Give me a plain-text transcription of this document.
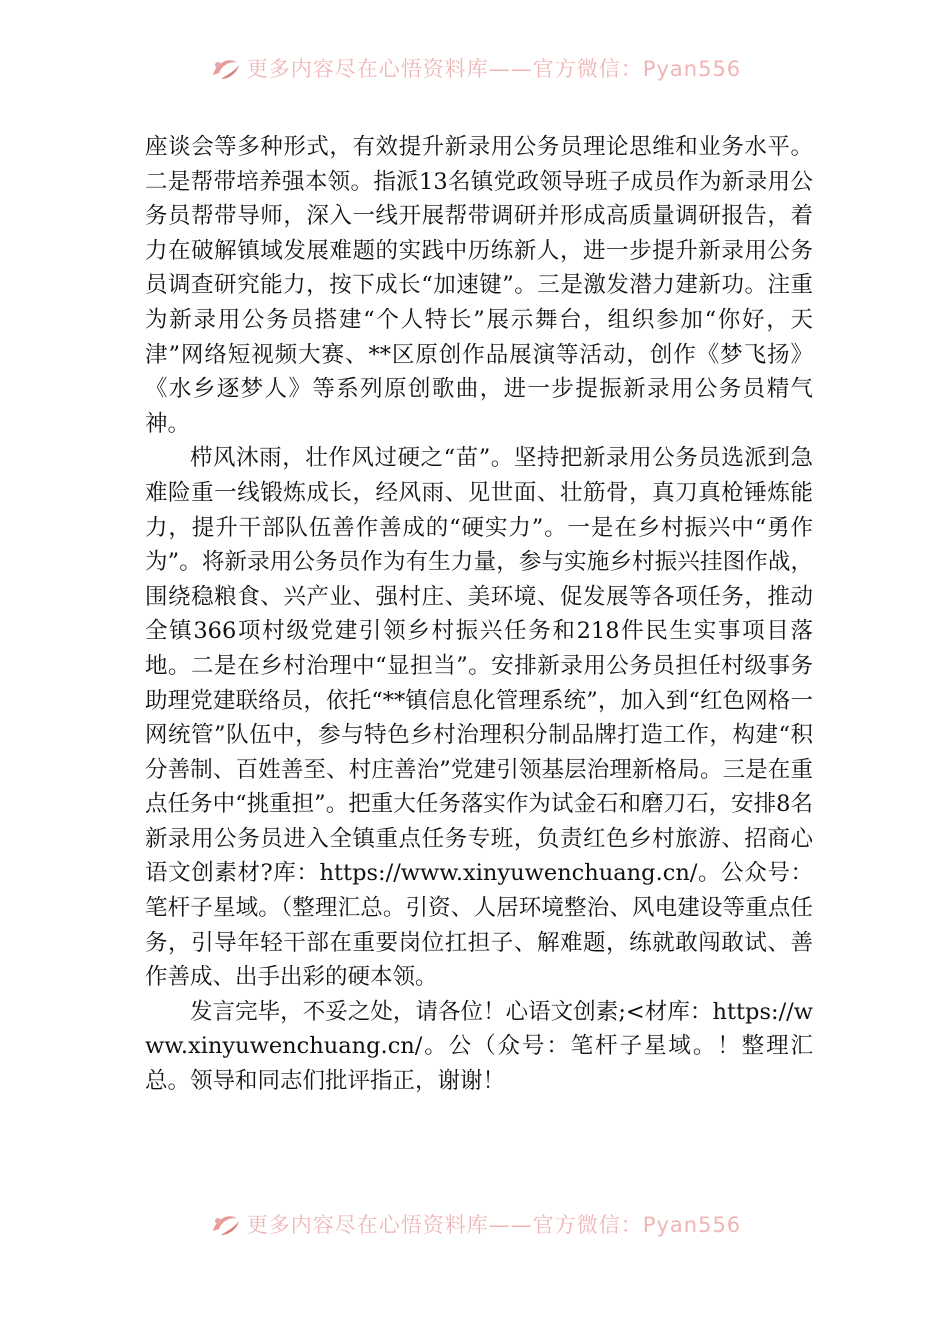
更多内容尽在心悟资料库——官方微信：Pyan556

座谈会等多种形式，有效提升新录用公务员理论思维和业务水平。二是帮带培养强本领。指派13名镇党政领导班子成员作为新录用公务员帮带导师，深入一线开展帮带调研并形成高质量调研报告，着力在破解镇域发展难题的实践中历练新人，进一步提升新录用公务员调查研究能力，按下成长“加速键”。三是激发潜力建新功。注重为新录用公务员搭建“个人特长”展示舞台，组织参加“你好，天津”网络短视频大赛、**区原创作品展演等活动，创作《梦飞扬》《水乡逐梦人》等系列原创歌曲，进一步提振新录用公务员精气神。

栉风沐雨，壮作风过硬之“苗”。坚持把新录用公务员选派到急难险重一线锻炼成长，经风雨、见世面、壮筋骨，真刀真枪锤炼能力，提升干部队伍善作善成的“硬实力”。一是在乡村振兴中“勇作为”。将新录用公务员作为有生力量，参与实施乡村振兴挂图作战，围绕稳粮食、兴产业、强村庄、美环境、促发展等各项任务，推动全镇366项村级党建引领乡村振兴任务和218件民生实事项目落地。二是在乡村治理中“显担当”。安排新录用公务员担任村级事务助理党建联络员，依托“**镇信息化管理系统”，加入到“红色网格一网统管”队伍中，参与特色乡村治理积分制品牌打造工作，构建“积分善制、百姓善至、村庄善治”党建引领基层治理新格局。三是在重点任务中“挑重担”。把重大任务落实作为试金石和磨刀石，安排8名新录用公务员进入全镇重点任务专班，负责红色乡村旅游、招商心语文创素材?库：https://www.xinyuwenchuang.cn/。公众号：笔杆子星域。（整理汇总。引资、人居环境整治、风电建设等重点任务，引导年轻干部在重要岗位扛担子、解难题，练就敢闯敢试、善作善成、出手出彩的硬本领。

发言完毕，不妥之处，请各位！心语文创素;<材库：https://www.xinyuwenchuang.cn/。公（众号：笔杆子星域。！整理汇总。领导和同志们批评指正，谢谢！

更多内容尽在心悟资料库——官方微信：Pyan556
